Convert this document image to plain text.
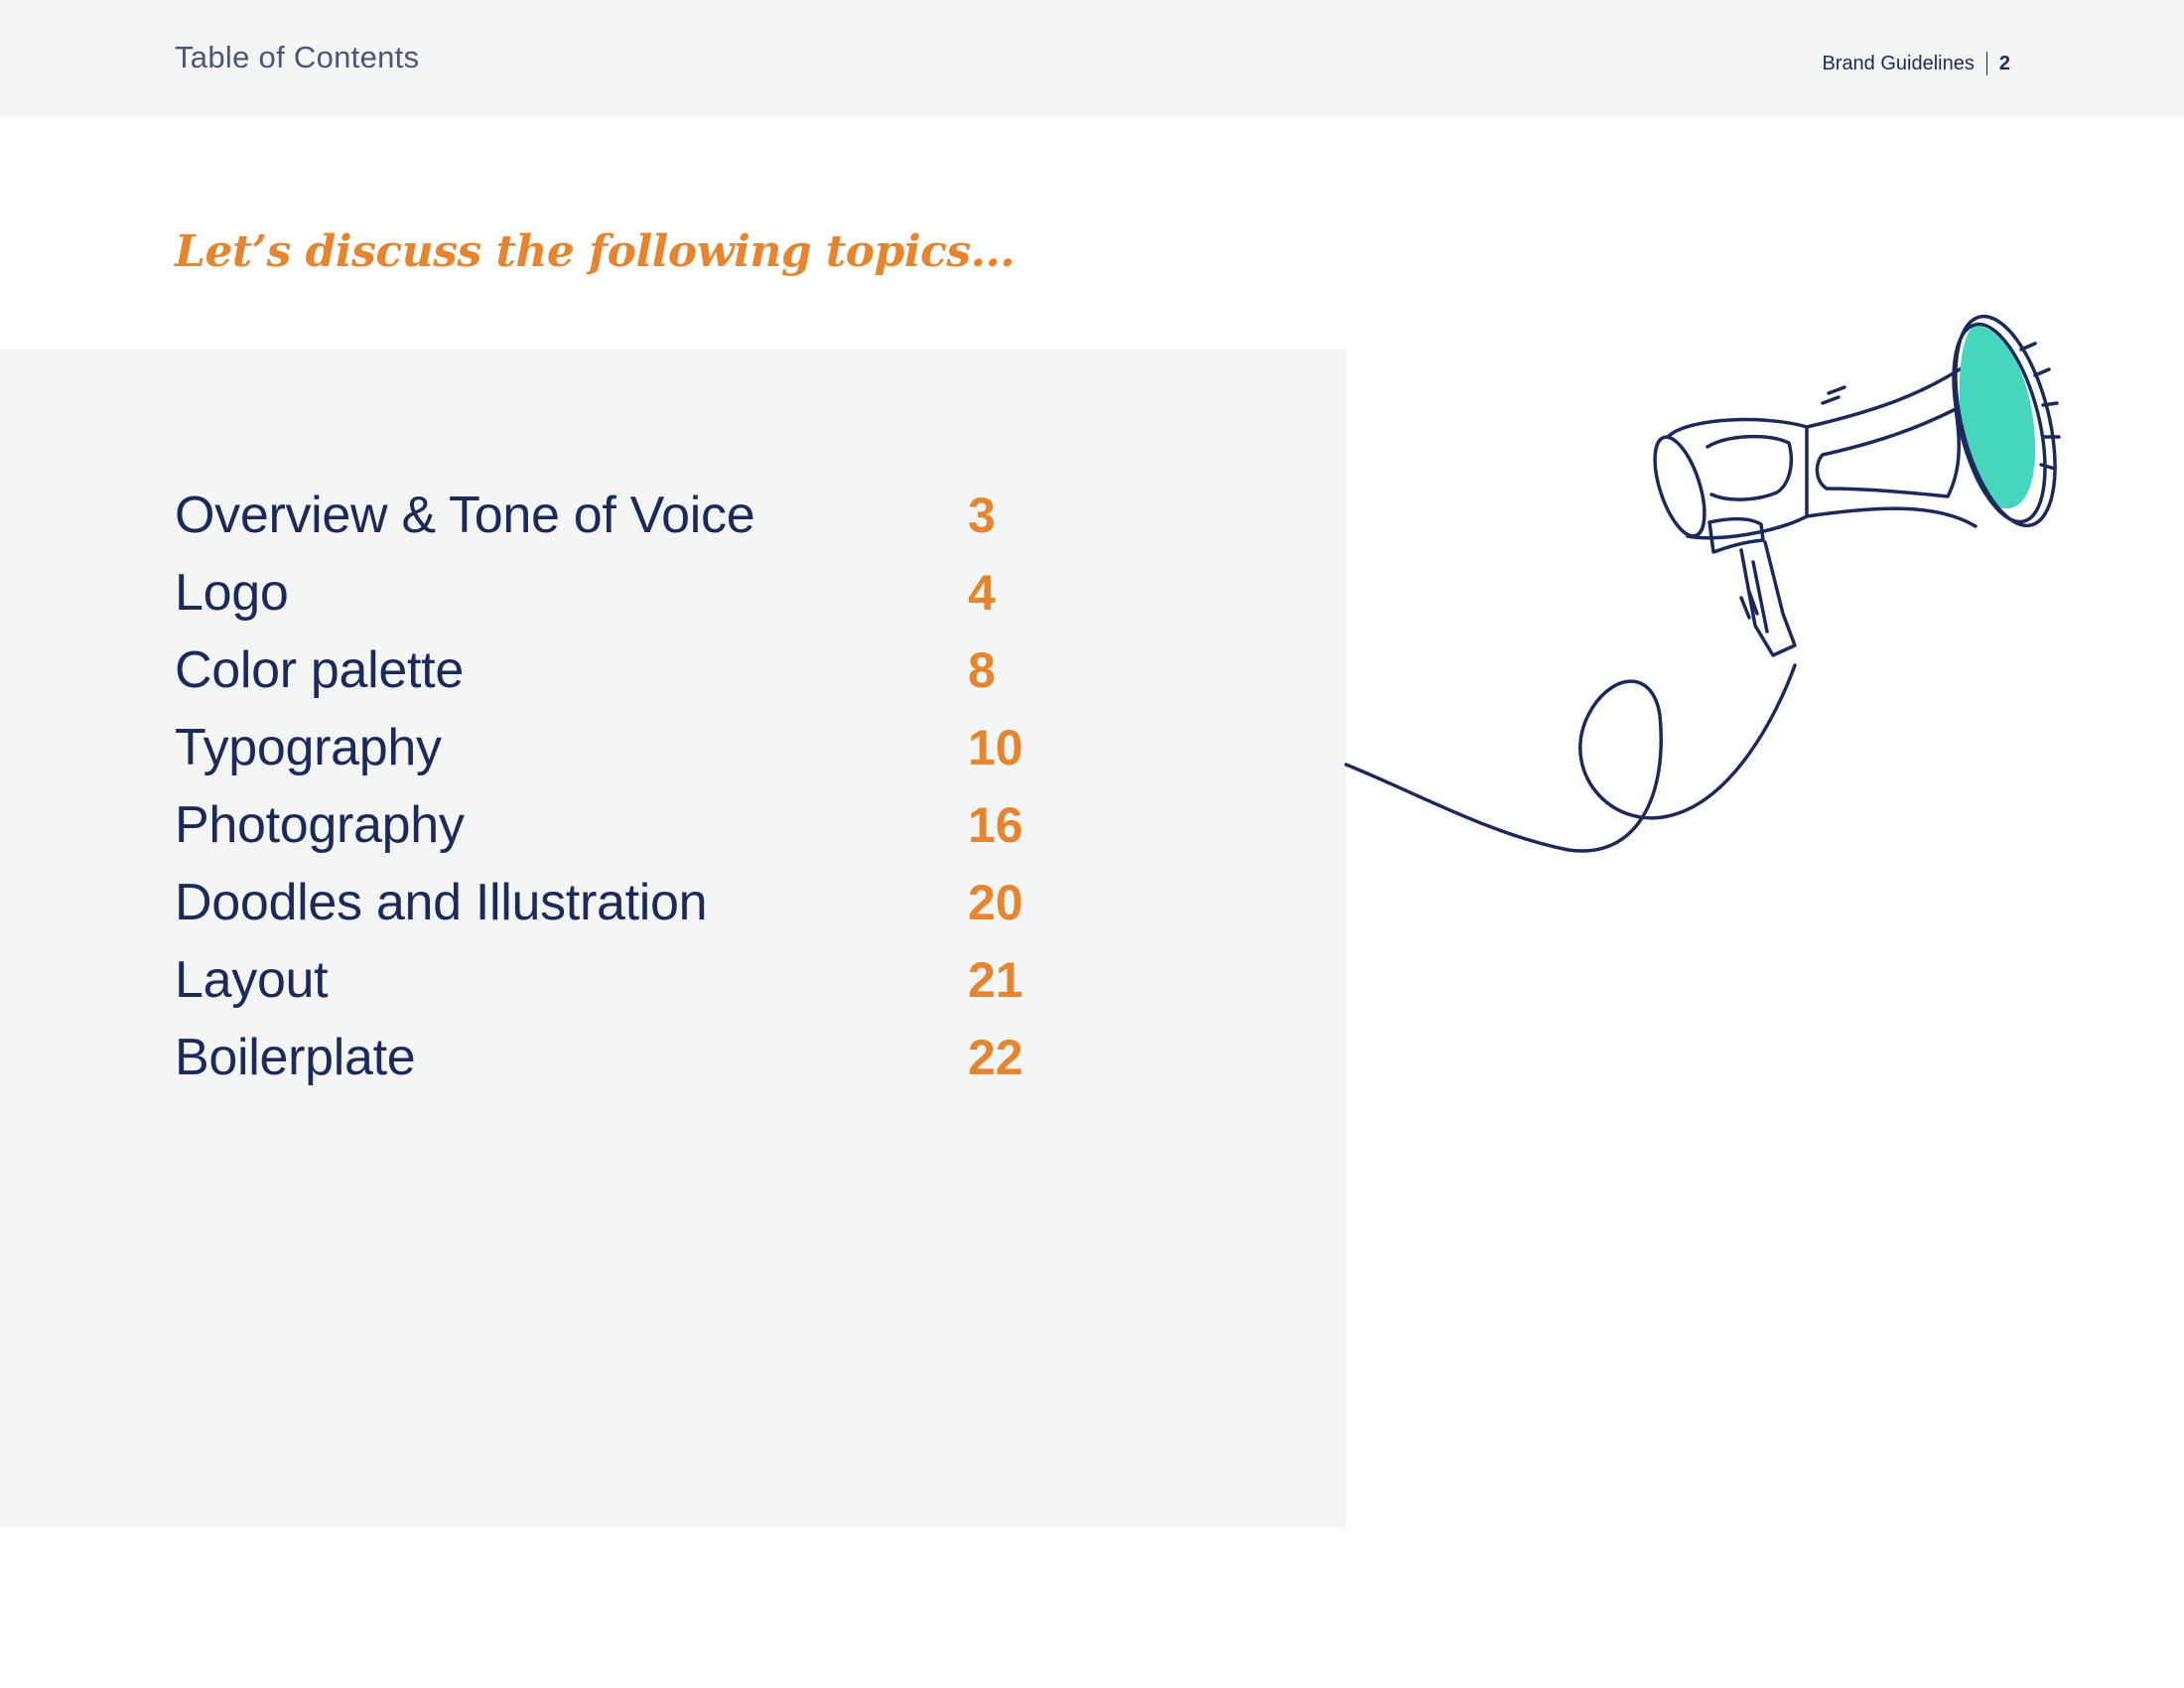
Table of Contents	Brand Guidelines 2
Let’s discuss the following topics...
Overview & Tone of Voice	3
Logo	4
Color palette	8
Typography	10
Photography	16
Doodles and Illustration	20
Layout	21
Boilerplate	22
